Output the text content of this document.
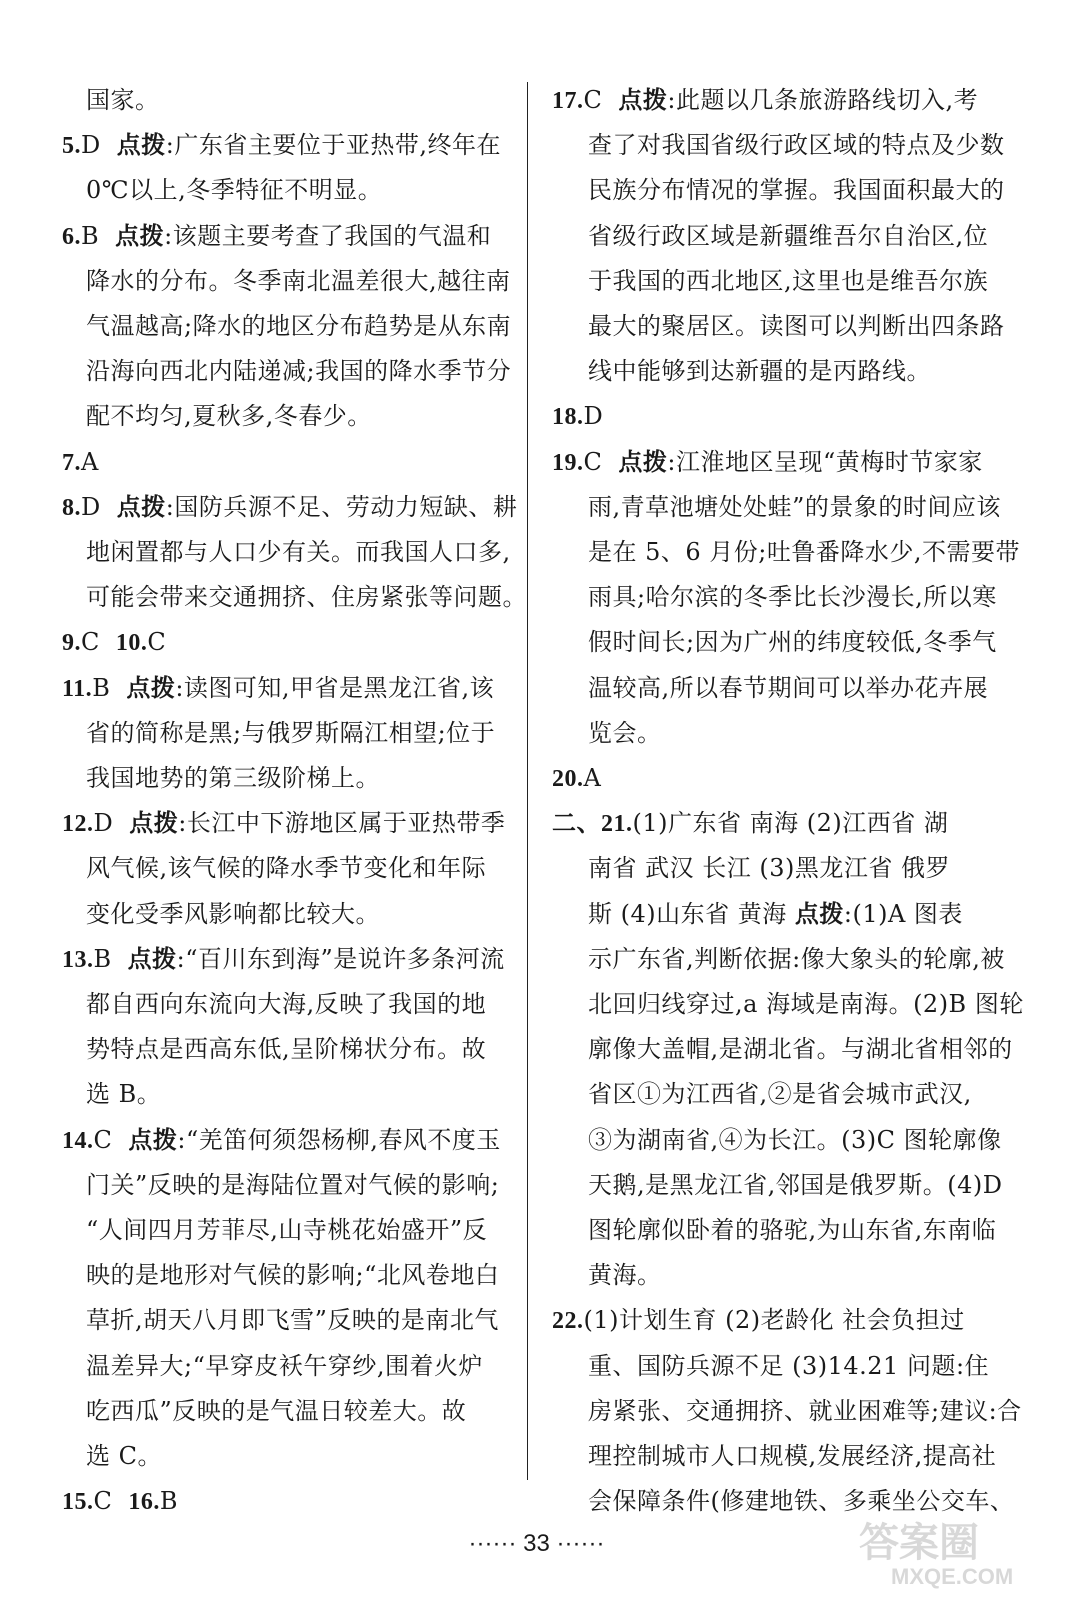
国家。
5.D 点拨:广东省主要位于亚热带,终年在
0℃以上,冬季特征不明显。
6.B 点拨:该题主要考查了我国的气温和
降水的分布。冬季南北温差很大,越往南
气温越高;降水的地区分布趋势是从东南
沿海向西北内陆递减;我国的降水季节分
配不均匀,夏秋多,冬春少。
7.A
8.D 点拨:国防兵源不足、劳动力短缺、耕
地闲置都与人口少有关。而我国人口多,
可能会带来交通拥挤、住房紧张等问题。
9.C 10.C
11.B 点拨:读图可知,甲省是黑龙江省,该
省的简称是黑;与俄罗斯隔江相望;位于
我国地势的第三级阶梯上。
12.D 点拨:长江中下游地区属于亚热带季
风气候,该气候的降水季节变化和年际
变化受季风影响都比较大。
13.B 点拨:“百川东到海”是说许多条河流
都自西向东流向大海,反映了我国的地
势特点是西高东低,呈阶梯状分布。故
选 B。
14.C 点拨:“羌笛何须怨杨柳,春风不度玉
门关”反映的是海陆位置对气候的影响;
“人间四月芳菲尽,山寺桃花始盛开”反
映的是地形对气候的影响;“北风卷地白
草折,胡天八月即飞雪”反映的是南北气
温差异大;“早穿皮袄午穿纱,围着火炉
吃西瓜”反映的是气温日较差大。故
选 C。
15.C 16.B
17.C 点拨:此题以几条旅游路线切入,考
查了对我国省级行政区域的特点及少数
民族分布情况的掌握。我国面积最大的
省级行政区域是新疆维吾尔自治区,位
于我国的西北地区,这里也是维吾尔族
最大的聚居区。读图可以判断出四条路
线中能够到达新疆的是丙路线。
18.D
19.C 点拨:江淮地区呈现“黄梅时节家家
雨,青草池塘处处蛙”的景象的时间应该
是在 5、6 月份;吐鲁番降水少,不需要带
雨具;哈尔滨的冬季比长沙漫长,所以寒
假时间长;因为广州的纬度较低,冬季气
温较高,所以春节期间可以举办花卉展
览会。
20.A
二、21.(1)广东省 南海 (2)江西省 湖
南省 武汉 长江 (3)黑龙江省 俄罗
斯 (4)山东省 黄海 点拨:(1)A 图表
示广东省,判断依据:像大象头的轮廓,被
北回归线穿过,a 海域是南海。(2)B 图轮
廓像大盖帽,是湖北省。与湖北省相邻的
省区①为江西省,②是省会城市武汉,
③为湖南省,④为长江。(3)C 图轮廓像
天鹅,是黑龙江省,邻国是俄罗斯。(4)D
图轮廓似卧着的骆驼,为山东省,东南临
黄海。
22.(1)计划生育 (2)老龄化 社会负担过
重、国防兵源不足 (3)14.21 问题:住
房紧张、交通拥挤、就业困难等;建议:合
理控制城市人口规模,发展经济,提高社
会保障条件(修建地铁、多乘坐公交车、
······ 33 ······	答案圈
MXQE.COM
